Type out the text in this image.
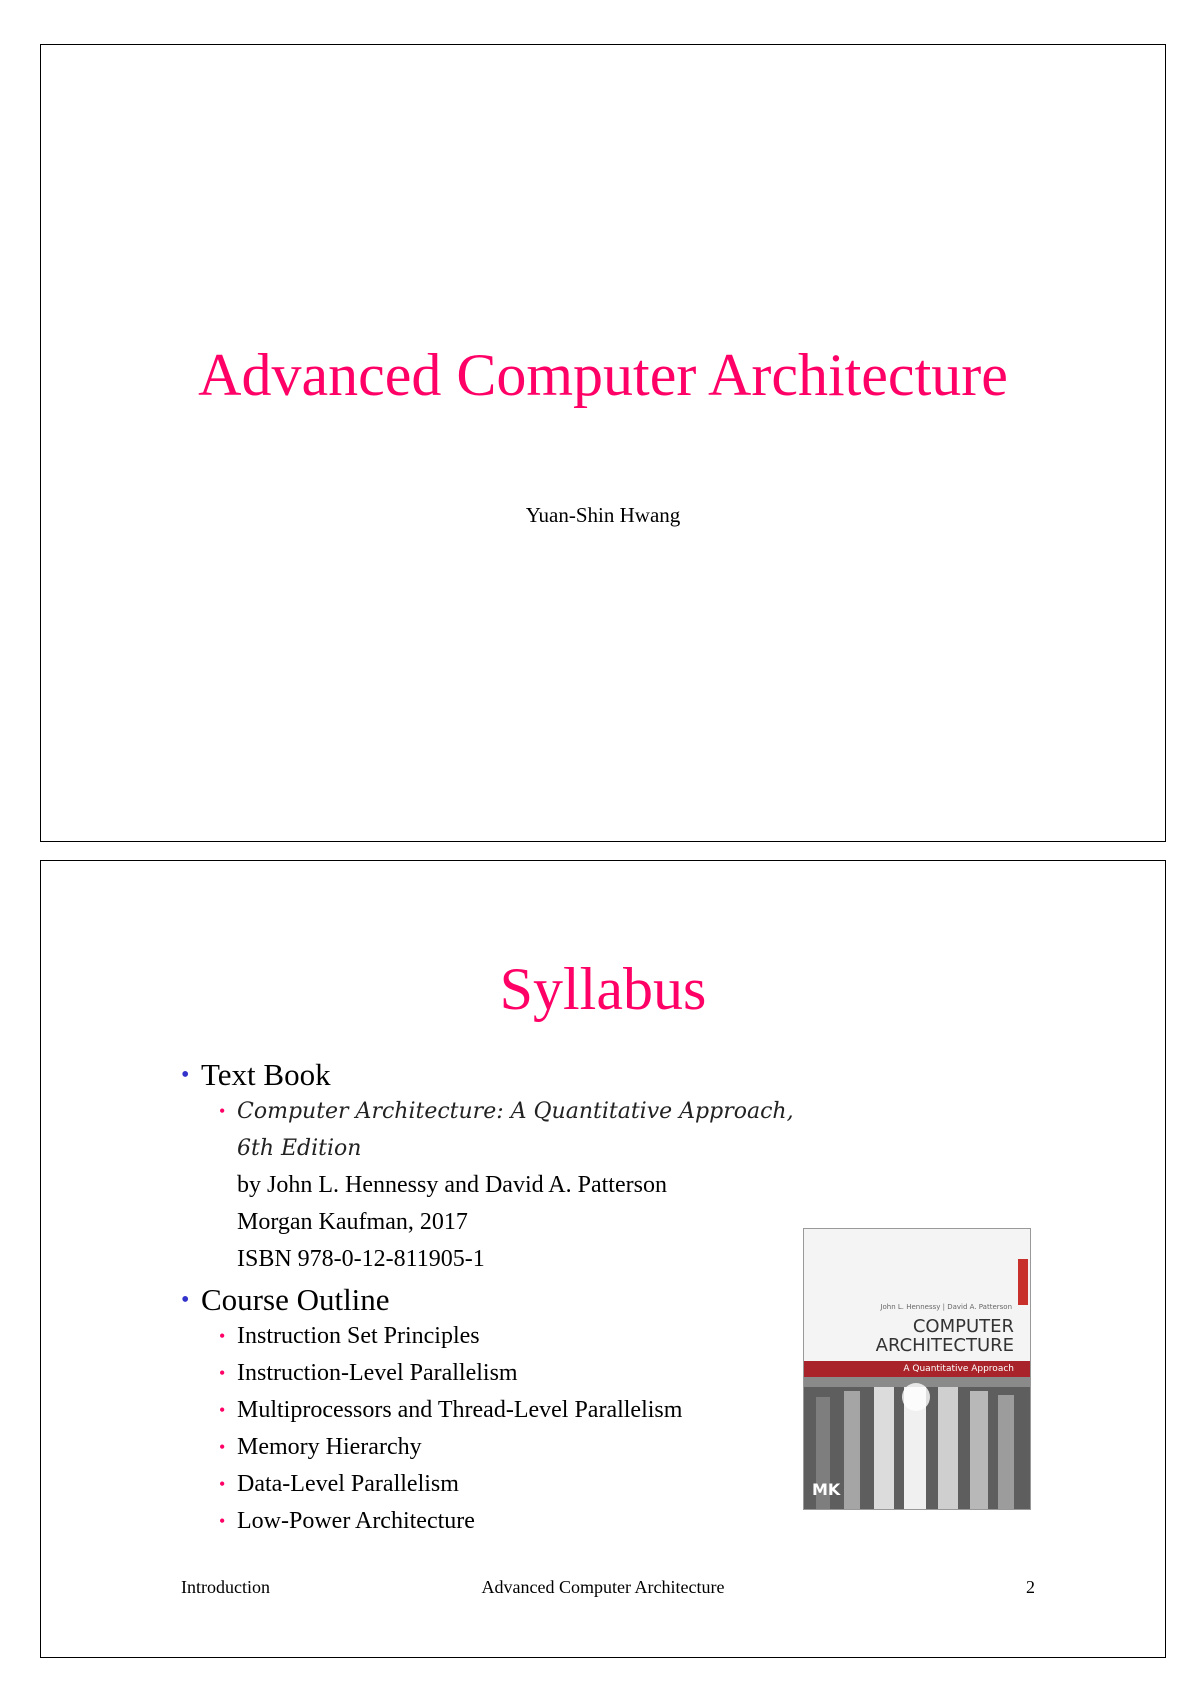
Advanced Computer Architecture
Yuan-Shin Hwang
Syllabus
• Text Book
• Computer Architecture: A Quantitative Approach, 6th Edition
by John L. Hennessy and David A. Patterson
Morgan Kaufman, 2017
ISBN 978-0-12-811905-1
• Course Outline
• Instruction Set Principles
• Instruction-Level Parallelism
• Multiprocessors and Thread-Level Parallelism
• Memory Hierarchy
• Data-Level Parallelism
• Low-Power Architecture
John L. Hennessy | David A. Patterson
COMPUTER
ARCHITECTURE
A Quantitative Approach
MK
Introduction	Advanced Computer Architecture	2
